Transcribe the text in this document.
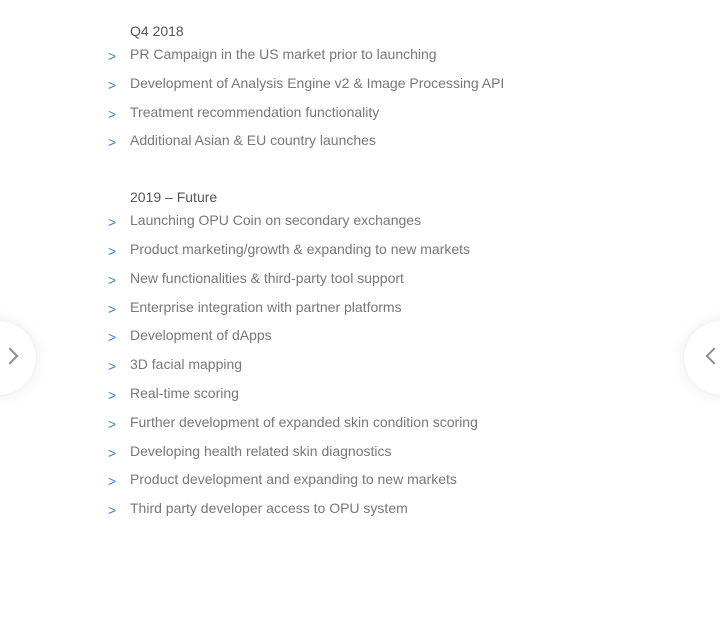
Q4 2018
> PR Campaign in the US market prior to launching
> Development of Analysis Engine v2 & Image Processing API
> Treatment recommendation functionality
> Additional Asian & EU country launches
2019 – Future
> Launching OPU Coin on secondary exchanges
> Product marketing/growth & expanding to new markets
> New functionalities & third-party tool support
> Enterprise integration with partner platforms
> Development of dApps
> 3D facial mapping
> Real-time scoring
> Further development of expanded skin condition scoring
> Developing health related skin diagnostics
> Product development and expanding to new markets
> Third party developer access to OPU system
